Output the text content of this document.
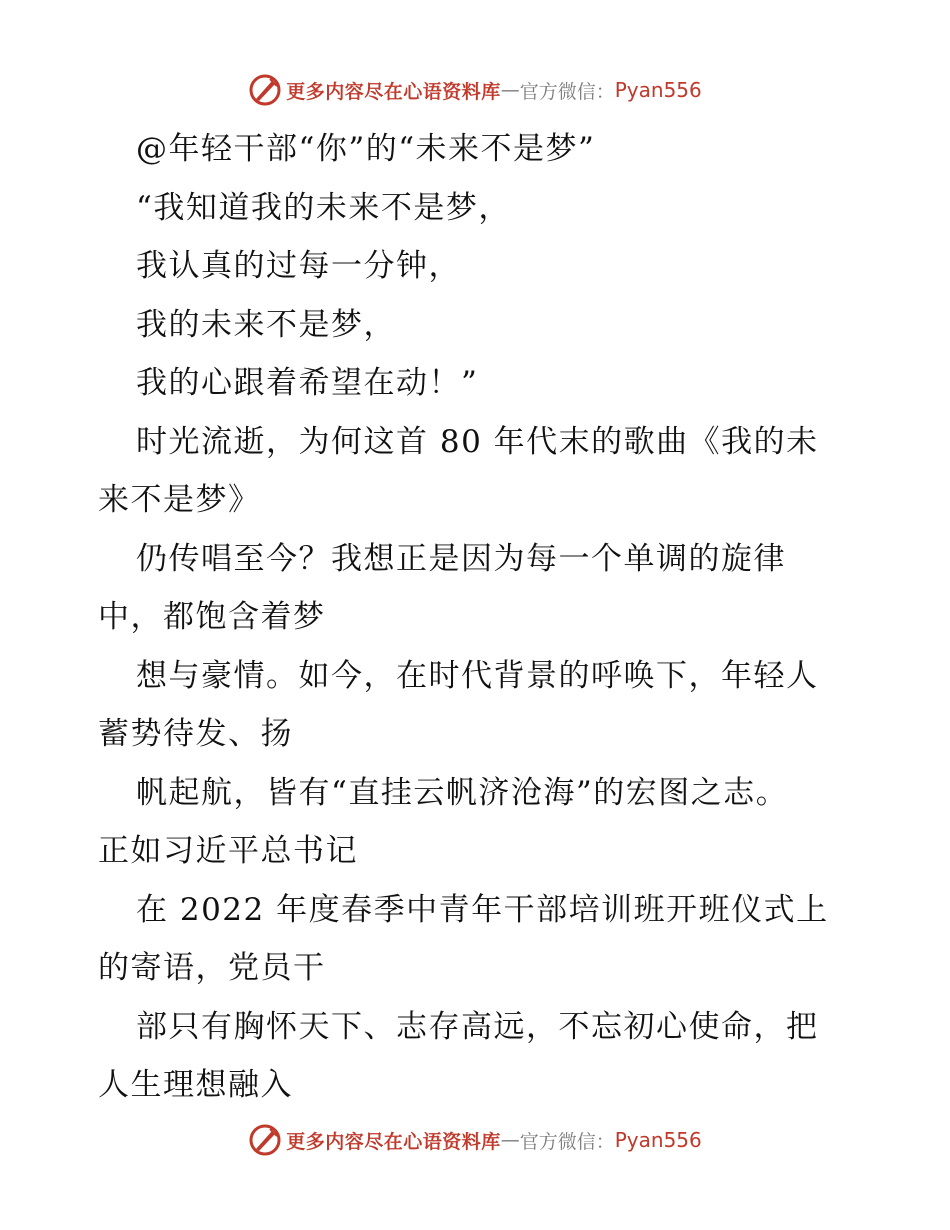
更多内容尽在心语资料库 — 官方微信： Pyan556
@年轻干部“你”的“未来不是梦”
“我知道我的未来不是梦，
我认真的过每一分钟，
我的未来不是梦，
我的心跟着希望在动！”
时光流逝，为何这首 80 年代末的歌曲《我的未
来不是梦》
仍传唱至今？我想正是因为每一个单调的旋律
中，都饱含着梦
想与豪情。如今，在时代背景的呼唤下，年轻人
蓄势待发、扬
帆起航，皆有“直挂云帆济沧海”的宏图之志。
正如习近平总书记
在 2022 年度春季中青年干部培训班开班仪式上
的寄语，党员干
部只有胸怀天下、志存高远，不忘初心使命，把
人生理想融入
更多内容尽在心语资料库 — 官方微信： Pyan556
